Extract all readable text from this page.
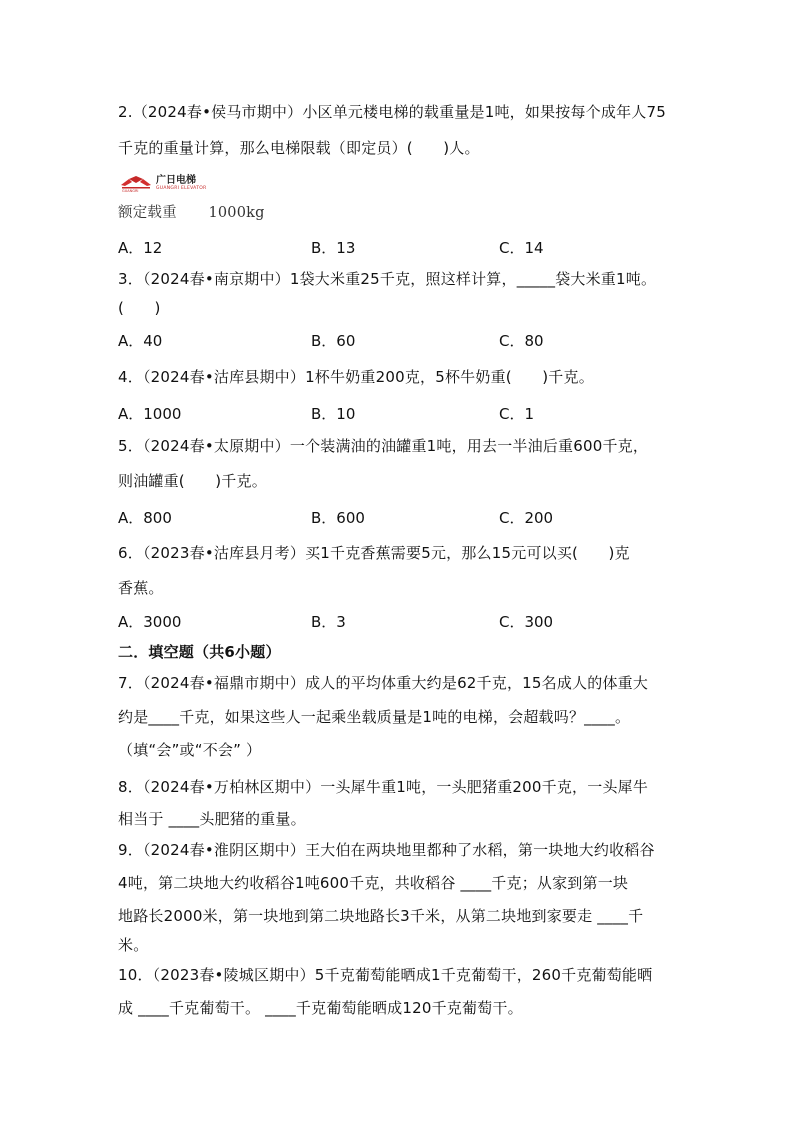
2.（2024春•侯马市期中）小区单元楼电梯的载重量是1吨，如果按每个成年人75
千克的重量计算，那么电梯限载（即定员）(　　)人。
GUANGRI
广日电梯
GUANGRI ELEVATOR
额定载重 1000kg
A．12	B．13	C．14
3．（2024春•南京期中）1袋大米重25千克，照这样计算，_____袋大米重1吨。
(　　)
A．40	B．60	C．80
4．（2024春•沽库县期中）1杯牛奶重200克，5杯牛奶重(　　)千克。
A．1000	B．10	C．1
5．（2024春•太原期中）一个装满油的油罐重1吨，用去一半油后重600千克，
则油罐重(　　)千克。
A．800	B．600	C．200
6．（2023春•沽库县月考）买1千克香蕉需要5元，那么15元可以买(　　)克
香蕉。
A．3000	B．3	C．300
二．填空题（共6小题）
7．（2024春•福鼎市期中）成人的平均体重大约是62千克，15名成人的体重大
约是____千克，如果这些人一起乘坐载质量是1吨的电梯，会超载吗？____。
（填“会”或“不会” ）
8．（2024春•万柏林区期中）一头犀牛重1吨，一头肥猪重200千克，一头犀牛
相当于 ____头肥猪的重量。
9．（2024春•淮阴区期中）王大伯在两块地里都种了水稻，第一块地大约收稻谷
4吨，第二块地大约收稻谷1吨600千克，共收稻谷 ____千克；从家到第一块
地路长2000米，第一块地到第二块地路长3千米，从第二块地到家要走 ____千
米。
10．（2023春•陵城区期中）5千克葡萄能晒成1千克葡萄干，260千克葡萄能晒
成 ____千克葡萄干。 ____千克葡萄能晒成120千克葡萄干。
